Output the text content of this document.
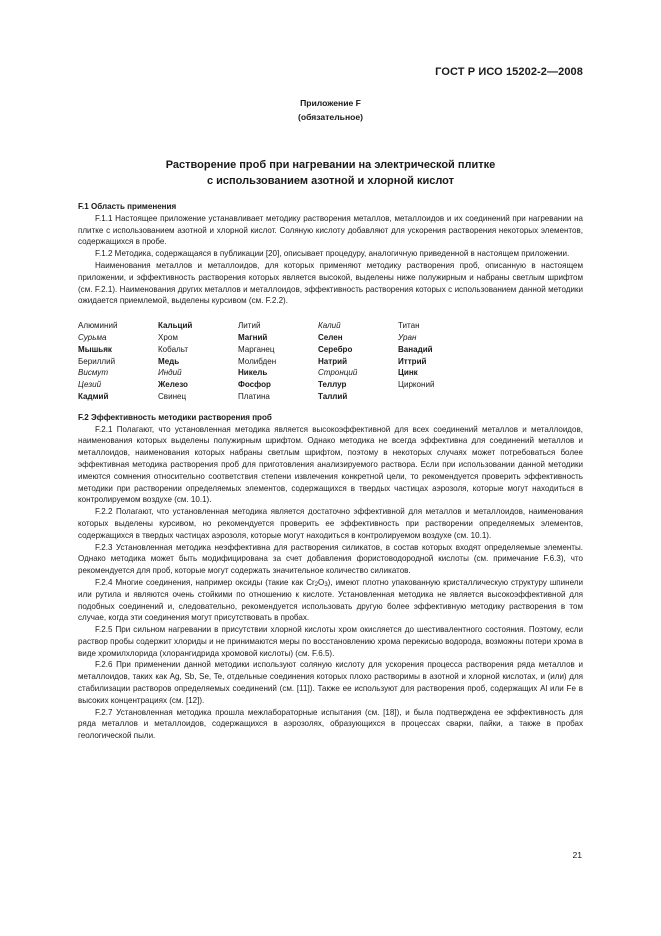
ГОСТ Р ИСО 15202-2—2008
Приложение F
(обязательное)
Растворение проб при нагревании на электрической плитке
с использованием азотной и хлорной кислот
F.1 Область применения

F.1.1 Настоящее приложение устанавливает методику растворения металлов, металлоидов и их соединений при нагревании на плитке с использованием азотной и хлорной кислот. Соляную кислоту добавляют для ускорения растворения некоторых элементов, содержащихся в пробе.

F.1.2 Методика, содержащаяся в публикации [20], описывает процедуру, аналогичную приведенной в настоящем приложении.

Наименования металлов и металлоидов, для которых применяют методику растворения проб, описанную в настоящем приложении, и эффективность растворения которых является высокой, выделены ниже полужирным и набраны светлым шрифтом (см. F.2.1). Наименования других металлов и металлоидов, эффективность растворения которых с использованием данной методики ожидается приемлемой, выделены курсивом (см. F.2.2).

Алюминий
Сурьма
Мышьяк
Бериллий
Висмут
Цезий
Кадмий
Кальций
Хром
Кобальт
Медь
Индий
Железо
Свинец
Литий
Магний
Марганец
Молибден
Никель
Фосфор
Платина
Калий
Селен
Серебро
Натрий
Стронций
Теллур
Таллий
Титан
Уран
Ванадий
Иттрий
Цинк
Цирконий
F.2 Эффективность методики растворения проб

F.2.1 Полагают, что установленная методика является высокоэффективной для всех соединений металлов и металлоидов, наименования которых выделены полужирным шрифтом. Однако методика не всегда эффективна для соединений металлов и металлоидов, наименования которых набраны светлым шрифтом, поэтому в некоторых случаях может потребоваться более эффективная методика растворения проб для приготовления анализируемого раствора. Если при использовании данной методики имеются сомнения относительно соответствия степени извлечения конкретной цели, то рекомендуется проверить эффективность методики при растворении определяемых элементов, содержащихся в твердых частицах аэрозоля, которые могут находиться в контролируемом воздухе (см. 10.1).

F.2.2 Полагают, что установленная методика является достаточно эффективной для металлов и металлоидов, наименования которых выделены курсивом, но рекомендуется проверить ее эффективность при растворении определяемых элементов, содержащихся в твердых частицах аэрозоля, которые могут находиться в контролируемом воздухе (см. 10.1).

F.2.3 Установленная методика неэффективна для растворения силикатов, в состав которых входят определяемые элементы. Однако методика может быть модифицирована за счет добавления фористоводородной кислоты (см. примечание F.6.3), что рекомендуется для проб, которые могут содержать значительное количество силикатов.

F.2.4 Многие соединения, например оксиды (такие как $Cr_2O_3$), имеют плотно упакованную кристаллическую структуру шпинели или рутила и являются очень стойкими по отношению к кислоте. Установленная методика не является высокоэффективной для подобных соединений и, следовательно, рекомендуется использовать другую более эффективную методику растворения в том случае, когда эти соединения могут присутствовать в пробах.

F.2.5 При сильном нагревании в присутствии хлорной кислоты хром окисляется до шестивалентного состояния. Поэтому, если раствор пробы содержит хлориды и не принимаются меры по восстановлению хрома перекисью водорода, возможны потери хрома в виде хромилхлорида (хлорангидрида хромовой кислоты) (см. F.6.5).

F.2.6 При применении данной методики используют соляную кислоту для ускорения процесса растворения ряда металлов и металлоидов, таких как Ag, Sb, Se, Te, отдельные соединения которых плохо растворимы в азотной и хлорной кислотах, и (или) для стабилизации растворов определяемых соединений (см. [11]). Также ее используют для растворения проб, содержащих Al или Fe в высоких концентрациях (см. [12]).

F.2.7 Установленная методика прошла межлабораторные испытания (см. [18]), и была подтверждена ее эффективность для ряда металлов и металлоидов, содержащихся в аэрозолях, образующихся в процессах сварки, пайки, а также в пробах геологической пыли.

21
